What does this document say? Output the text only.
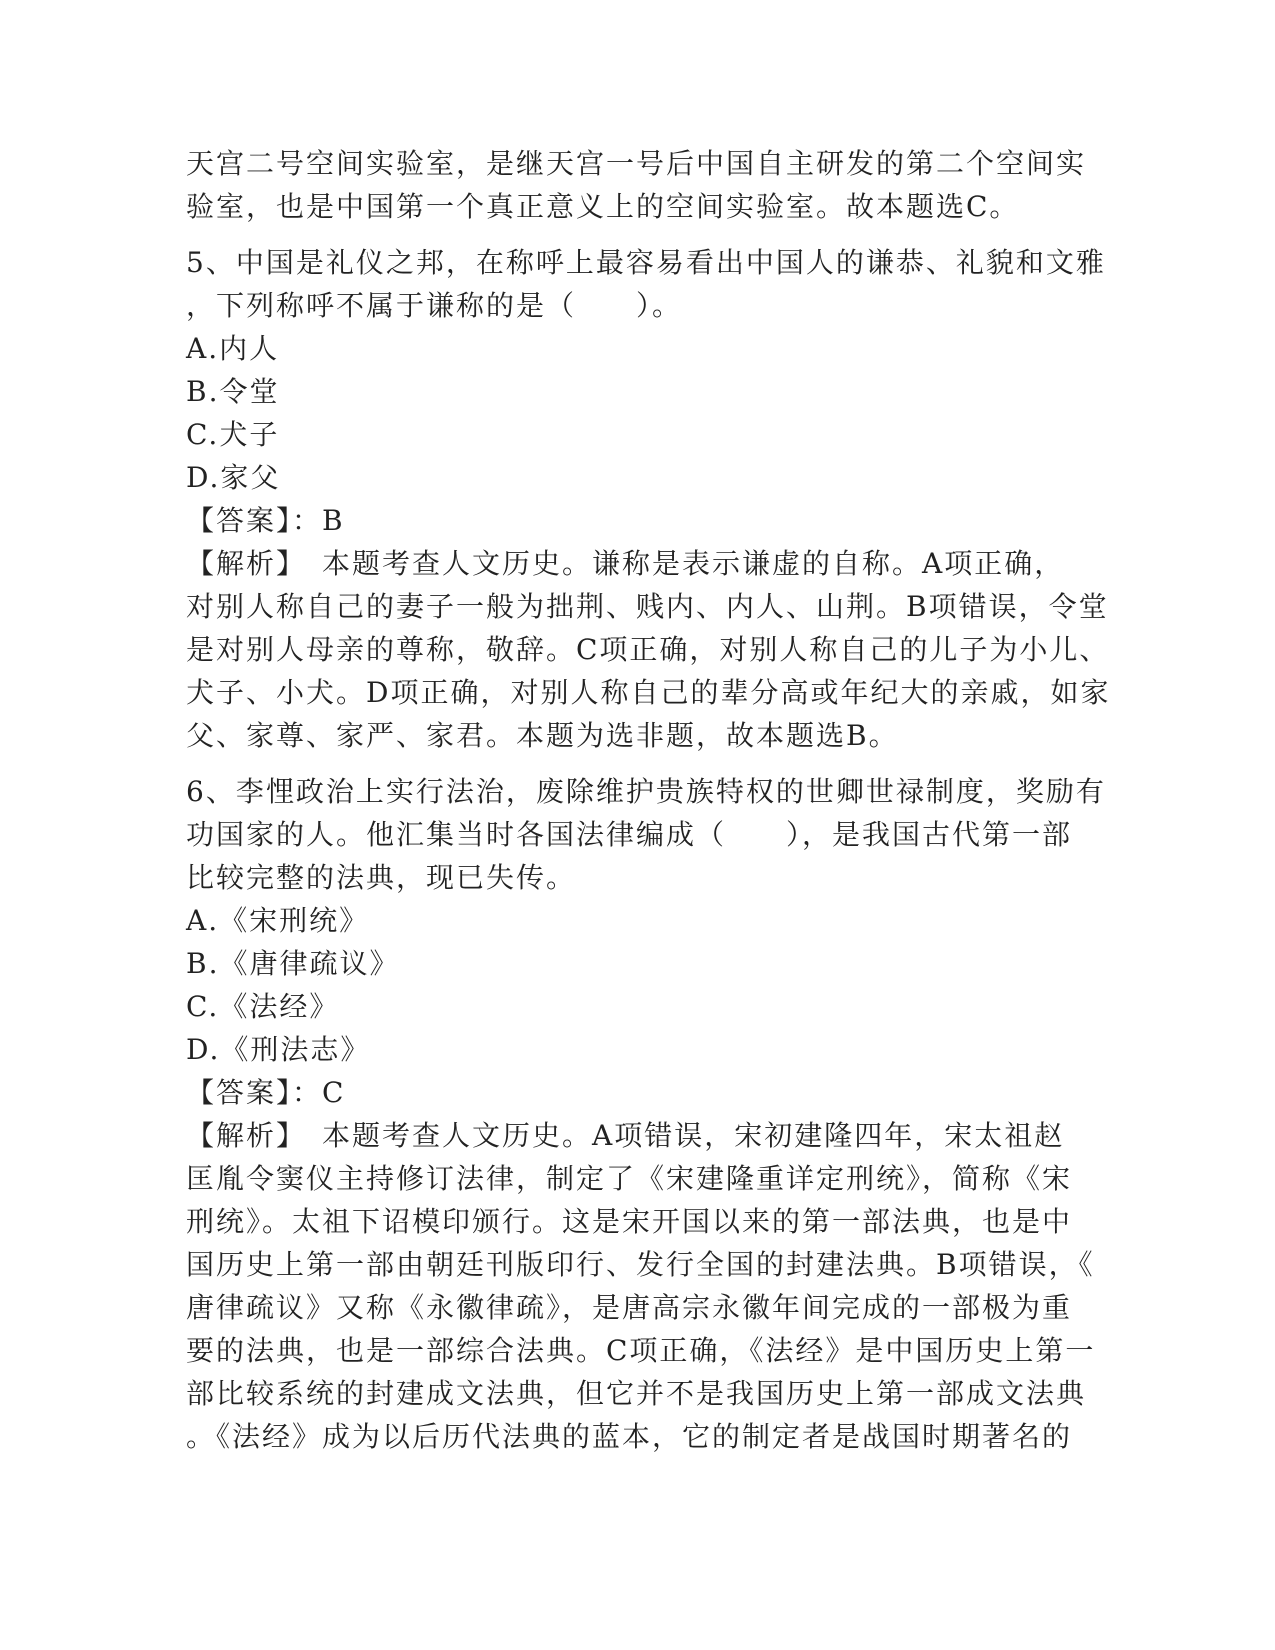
天宫二号空间实验室，是继天宫一号后中国自主研发的第二个空间实
验室，也是中国第一个真正意义上的空间实验室。故本题选C。
5、中国是礼仪之邦，在称呼上最容易看出中国人的谦恭、礼貌和文雅
，下列称呼不属于谦称的是（　　）。
A.内人
B.令堂
C.犬子
D.家父
【答案】：B
【解析】　本题考查人文历史。谦称是表示谦虚的自称。A项正确，
对别人称自己的妻子一般为拙荆、贱内、内人、山荆。B项错误，令堂
是对别人母亲的尊称，敬辞。C项正确，对别人称自己的儿子为小儿、
犬子、小犬。D项正确，对别人称自己的辈分高或年纪大的亲戚，如家
父、家尊、家严、家君。本题为选非题，故本题选B。
6、李悝政治上实行法治，废除维护贵族特权的世卿世禄制度，奖励有
功国家的人。他汇集当时各国法律编成（　　），是我国古代第一部
比较完整的法典，现已失传。
A.《宋刑统》
B.《唐律疏议》
C.《法经》
D.《刑法志》
【答案】：C
【解析】　本题考查人文历史。A项错误，宋初建隆四年，宋太祖赵
匡胤令窦仪主持修订法律，制定了《宋建隆重详定刑统》，简称《宋
刑统》。太祖下诏模印颁行。这是宋开国以来的第一部法典，也是中
国历史上第一部由朝廷刊版印行、发行全国的封建法典。B项错误，《
唐律疏议》又称《永徽律疏》，是唐高宗永徽年间完成的一部极为重
要的法典，也是一部综合法典。C项正确，《法经》是中国历史上第一
部比较系统的封建成文法典，但它并不是我国历史上第一部成文法典
。《法经》成为以后历代法典的蓝本，它的制定者是战国时期著名的
